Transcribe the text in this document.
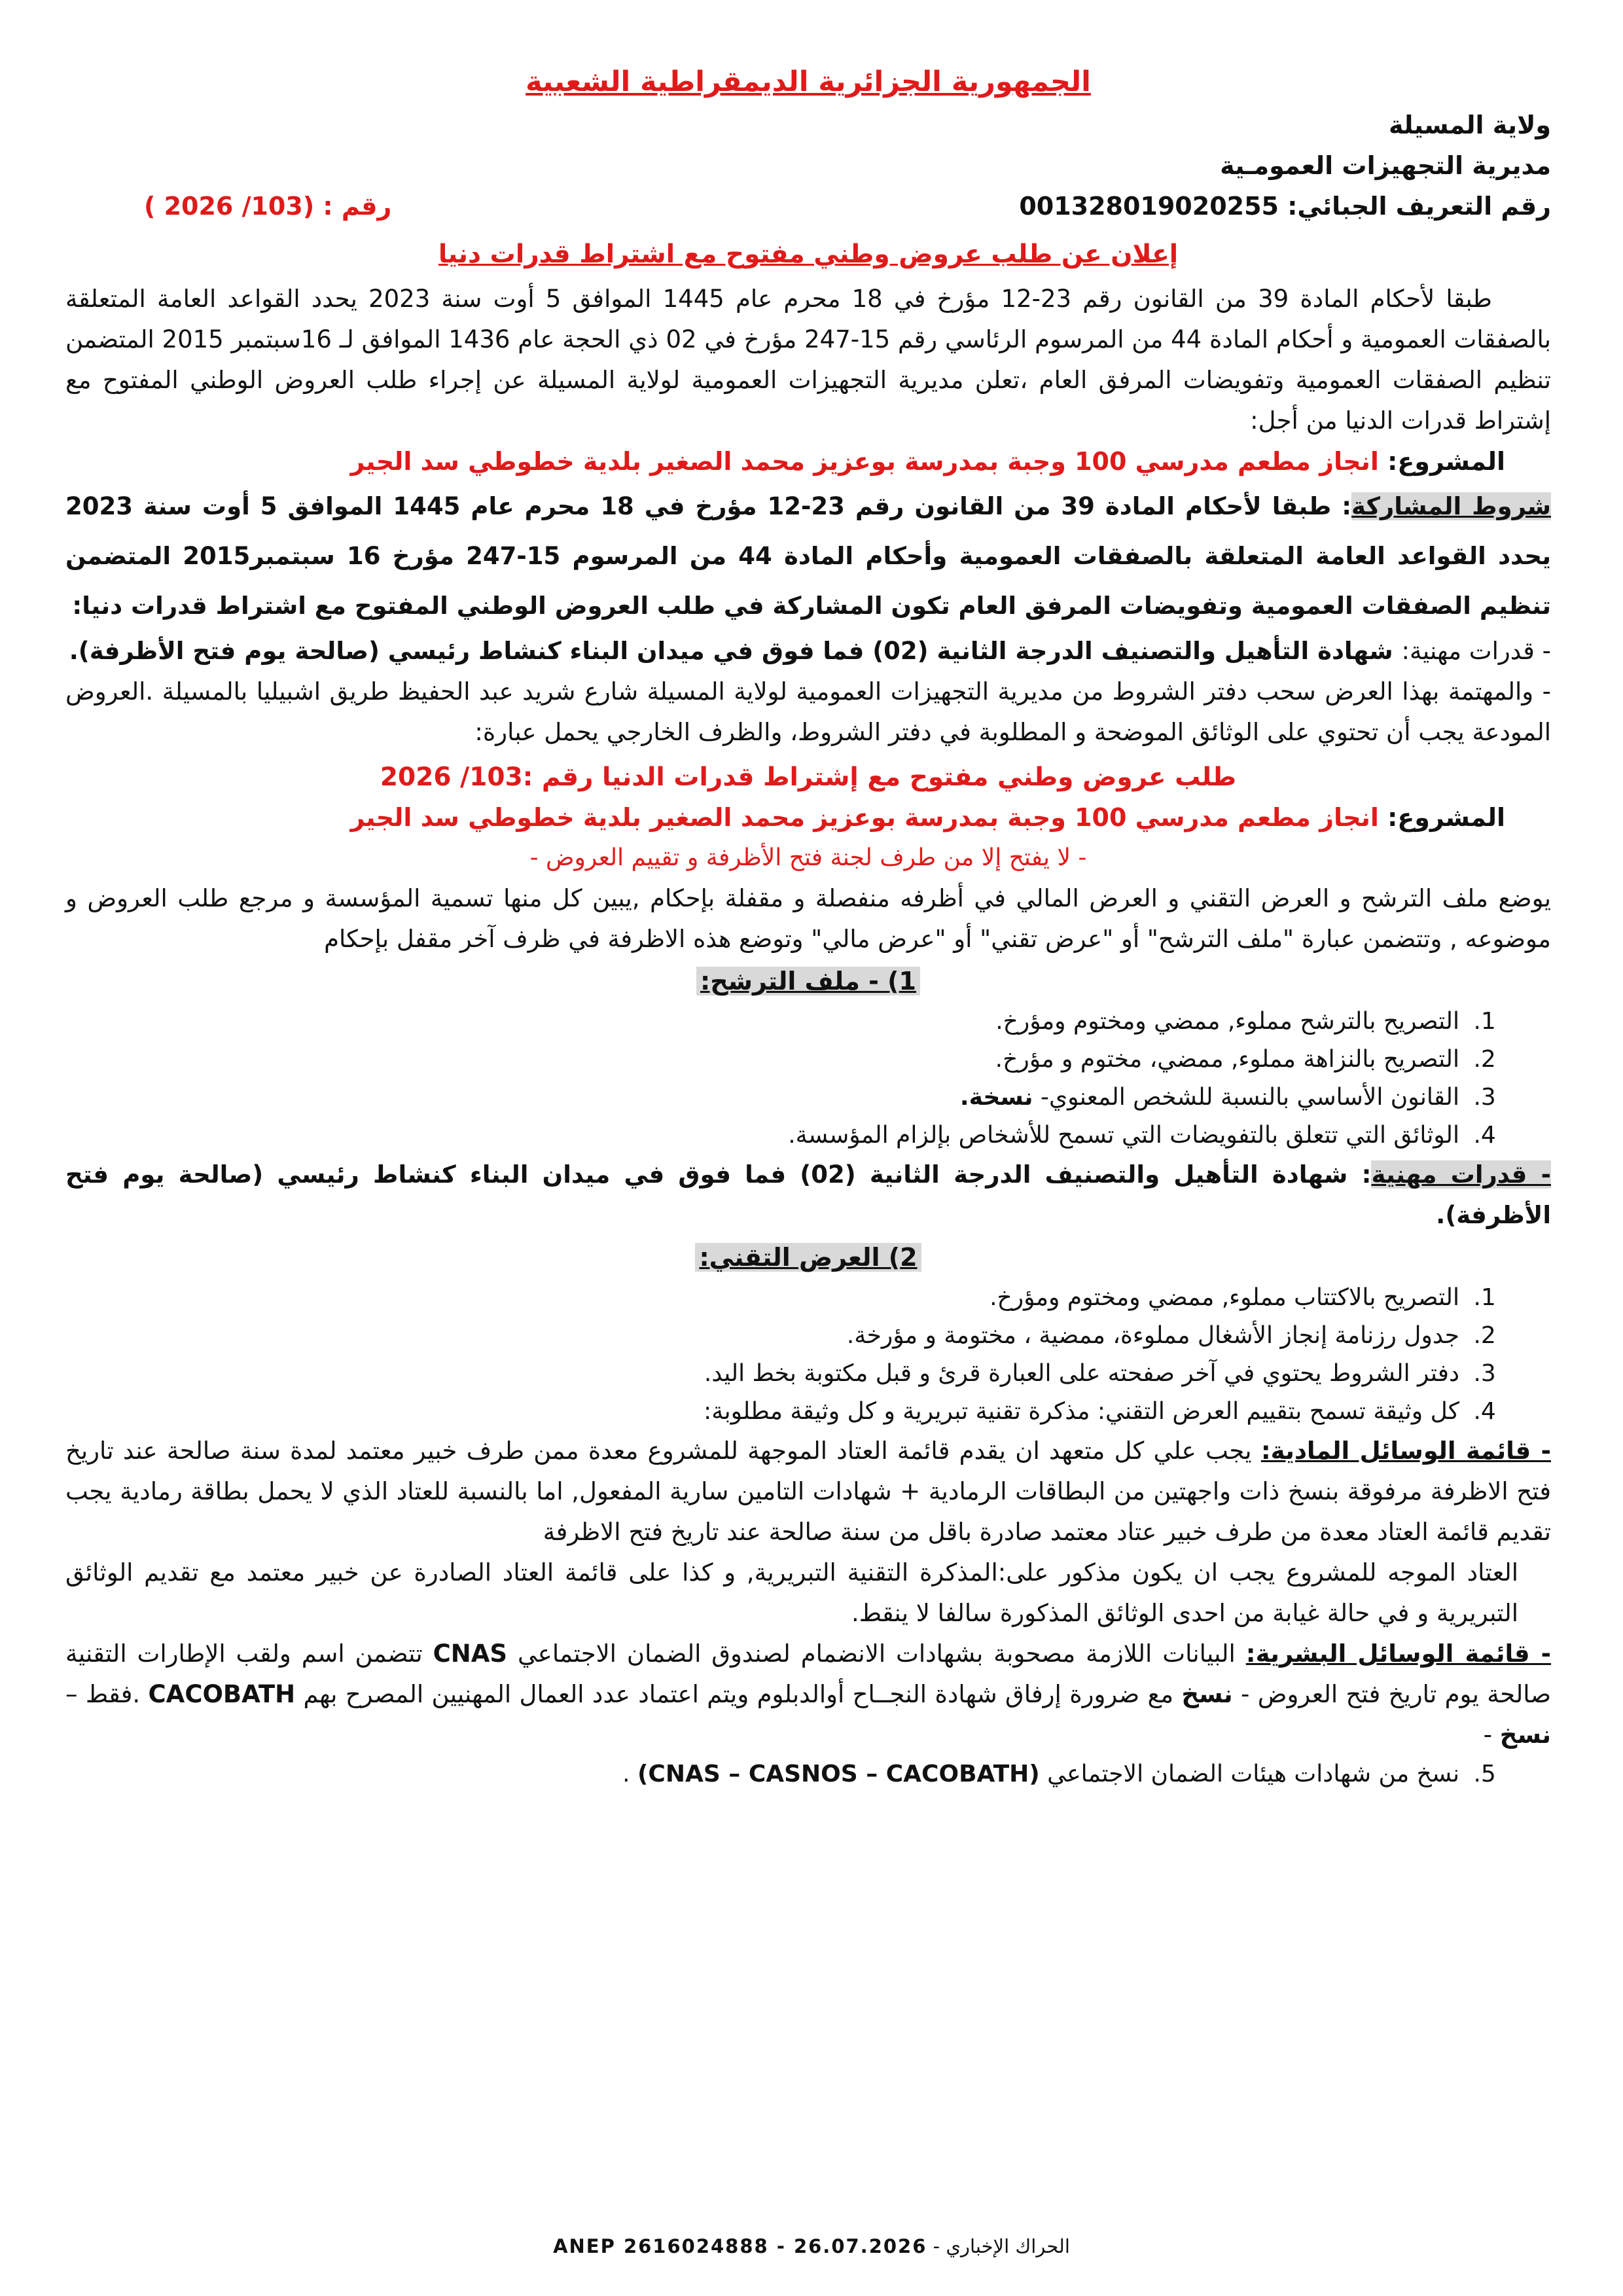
الجمهورية الجزائرية الديمقراطية الشعبية
ولاية المسيلة
مديرية التجهيزات العمومـية
رقم التعريف الجبائي: 001328019020255
رقم : (103/ 2026 )
إعلان عن طلب عروض وطني مفتوح مع اشتراط قدرات دنيا

طبقا لأحكام المادة 39 من القانون رقم 23-12 مؤرخ في 18 محرم عام 1445 الموافق 5 أوت سنة 2023 يحدد القواعد العامة المتعلقة بالصفقات العمومية و أحكام المادة 44 من المرسوم الرئاسي رقم 15-247 مؤرخ في 02 ذي الحجة عام 1436 الموافق لـ 16سبتمبر 2015 المتضمن تنظيم الصفقات العمومية وتفويضات المرفق العام ،تعلن مديرية التجهيزات العمومية لولاية المسيلة عن إجراء طلب العروض الوطني المفتوح مع إشتراط قدرات الدنيا من أجل:

المشروع: انجاز مطعم مدرسي 100 وجبة بمدرسة بوعزيز محمد الصغير بلدية خطوطي سد الجير

شروط المشاركة: طبقا لأحكام المادة 39 من القانون رقم 23-12 مؤرخ في 18 محرم عام 1445 الموافق 5 أوت سنة 2023 يحدد القواعد العامة المتعلقة بالصفقات العمومية وأحكام المادة 44 من المرسوم 15-247 مؤرخ 16 سبتمبر2015 المتضمن تنظيم الصفقات العمومية وتفويضات المرفق العام تكون المشاركة في طلب العروض الوطني المفتوح مع اشتراط قدرات دنيا:

- قدرات مهنية: شهادة التأهيل والتصنيف الدرجة الثانية (02) فما فوق في ميدان البناء كنشاط رئيسي (صالحة يوم فتح الأظرفة).

- والمهتمة بهذا العرض سحب دفتر الشروط من مديرية التجهيزات العمومية لولاية المسيلة شارع شريد عبد الحفيظ طريق اشبيليا بالمسيلة .العروض المودعة يجب أن تحتوي على الوثائق الموضحة و المطلوبة في دفتر الشروط، والظرف الخارجي يحمل عبارة:

طلب عروض وطني مفتوح مع إشتراط قدرات الدنيا رقم :103/ 2026
المشروع: انجاز مطعم مدرسي 100 وجبة بمدرسة بوعزيز محمد الصغير بلدية خطوطي سد الجير
- لا يفتح إلا من طرف لجنة فتح الأظرفة و تقييم العروض -

يوضع ملف الترشح و العرض التقني و العرض المالي في أظرفه منفصلة و مقفلة بإحكام ,يبين كل منها تسمية المؤسسة و مرجع طلب العروض و موضوعه , وتتضمن عبارة "ملف الترشح" أو "عرض تقني" أو "عرض مالي" وتوضع هذه الاظرفة في ظرف آخر مقفل بإحكام

1) - ملف الترشح:
1. التصريح بالترشح مملوء, ممضي ومختوم ومؤرخ.
2. التصريح بالنزاهة مملوء, ممضي، مختوم و مؤرخ.
3. القانون الأساسي بالنسبة للشخص المعنوي- نسخة.
4. الوثائق التي تتعلق بالتفويضات التي تسمح للأشخاص بإلزام المؤسسة.

- قدرات مهنية: شهادة التأهيل والتصنيف الدرجة الثانية (02) فما فوق في ميدان البناء كنشاط رئيسي (صالحة يوم فتح الأظرفة).

2) العرض التقني:
1. التصريح بالاكتتاب مملوء, ممضي ومختوم ومؤرخ.
2. جدول رزنامة إنجاز الأشغال مملوءة، ممضية ، مختومة و مؤرخة.
3. دفتر الشروط يحتوي في آخر صفحته على العبارة قرئ و قبل مكتوبة بخط اليد.
4. كل وثيقة تسمح بتقييم العرض التقني: مذكرة تقنية تبريرية و كل وثيقة مطلوبة:

- قائمة الوسائل المادية: يجب علي كل متعهد ان يقدم قائمة العتاد الموجهة للمشروع معدة ممن طرف خبير معتمد لمدة سنة صالحة عند تاريخ فتح الاظرفة مرفوقة بنسخ ذات واجهتين من البطاقات الرمادية + شهادات التامين سارية المفعول, اما بالنسبة للعتاد الذي لا يحمل بطاقة رمادية يجب تقديم قائمة العتاد معدة من طرف خبير عتاد معتمد صادرة باقل من سنة صالحة عند تاريخ فتح الاظرفة

العتاد الموجه للمشروع يجب ان يكون مذكور على:المذكرة التقنية التبريرية, و كذا على قائمة العتاد الصادرة عن خبير معتمد مع تقديم الوثائق التبريرية و في حالة غيابة من احدى الوثائق المذكورة سالفا لا ينقط.

- قائمة الوسائل البشرية: البيانات اللازمة مصحوبة بشهادات الانضمام لصندوق الضمان الاجتماعي CNAS تتضمن اسم ولقب الإطارات التقنية صالحة يوم تاريخ فتح العروض - نسخ مع ضرورة إرفاق شهادة النجــاح أوالدبلوم ويتم اعتماد عدد العمال المهنيين المصرح بهم CACOBATH .فقط – نسخ -

5. نسخ من شهادات هيئات الضمان الاجتماعي (CNAS – CASNOS – CACOBATH) .
الحراك الإخباري - ANEP 2616024888 - 26.07.2026
